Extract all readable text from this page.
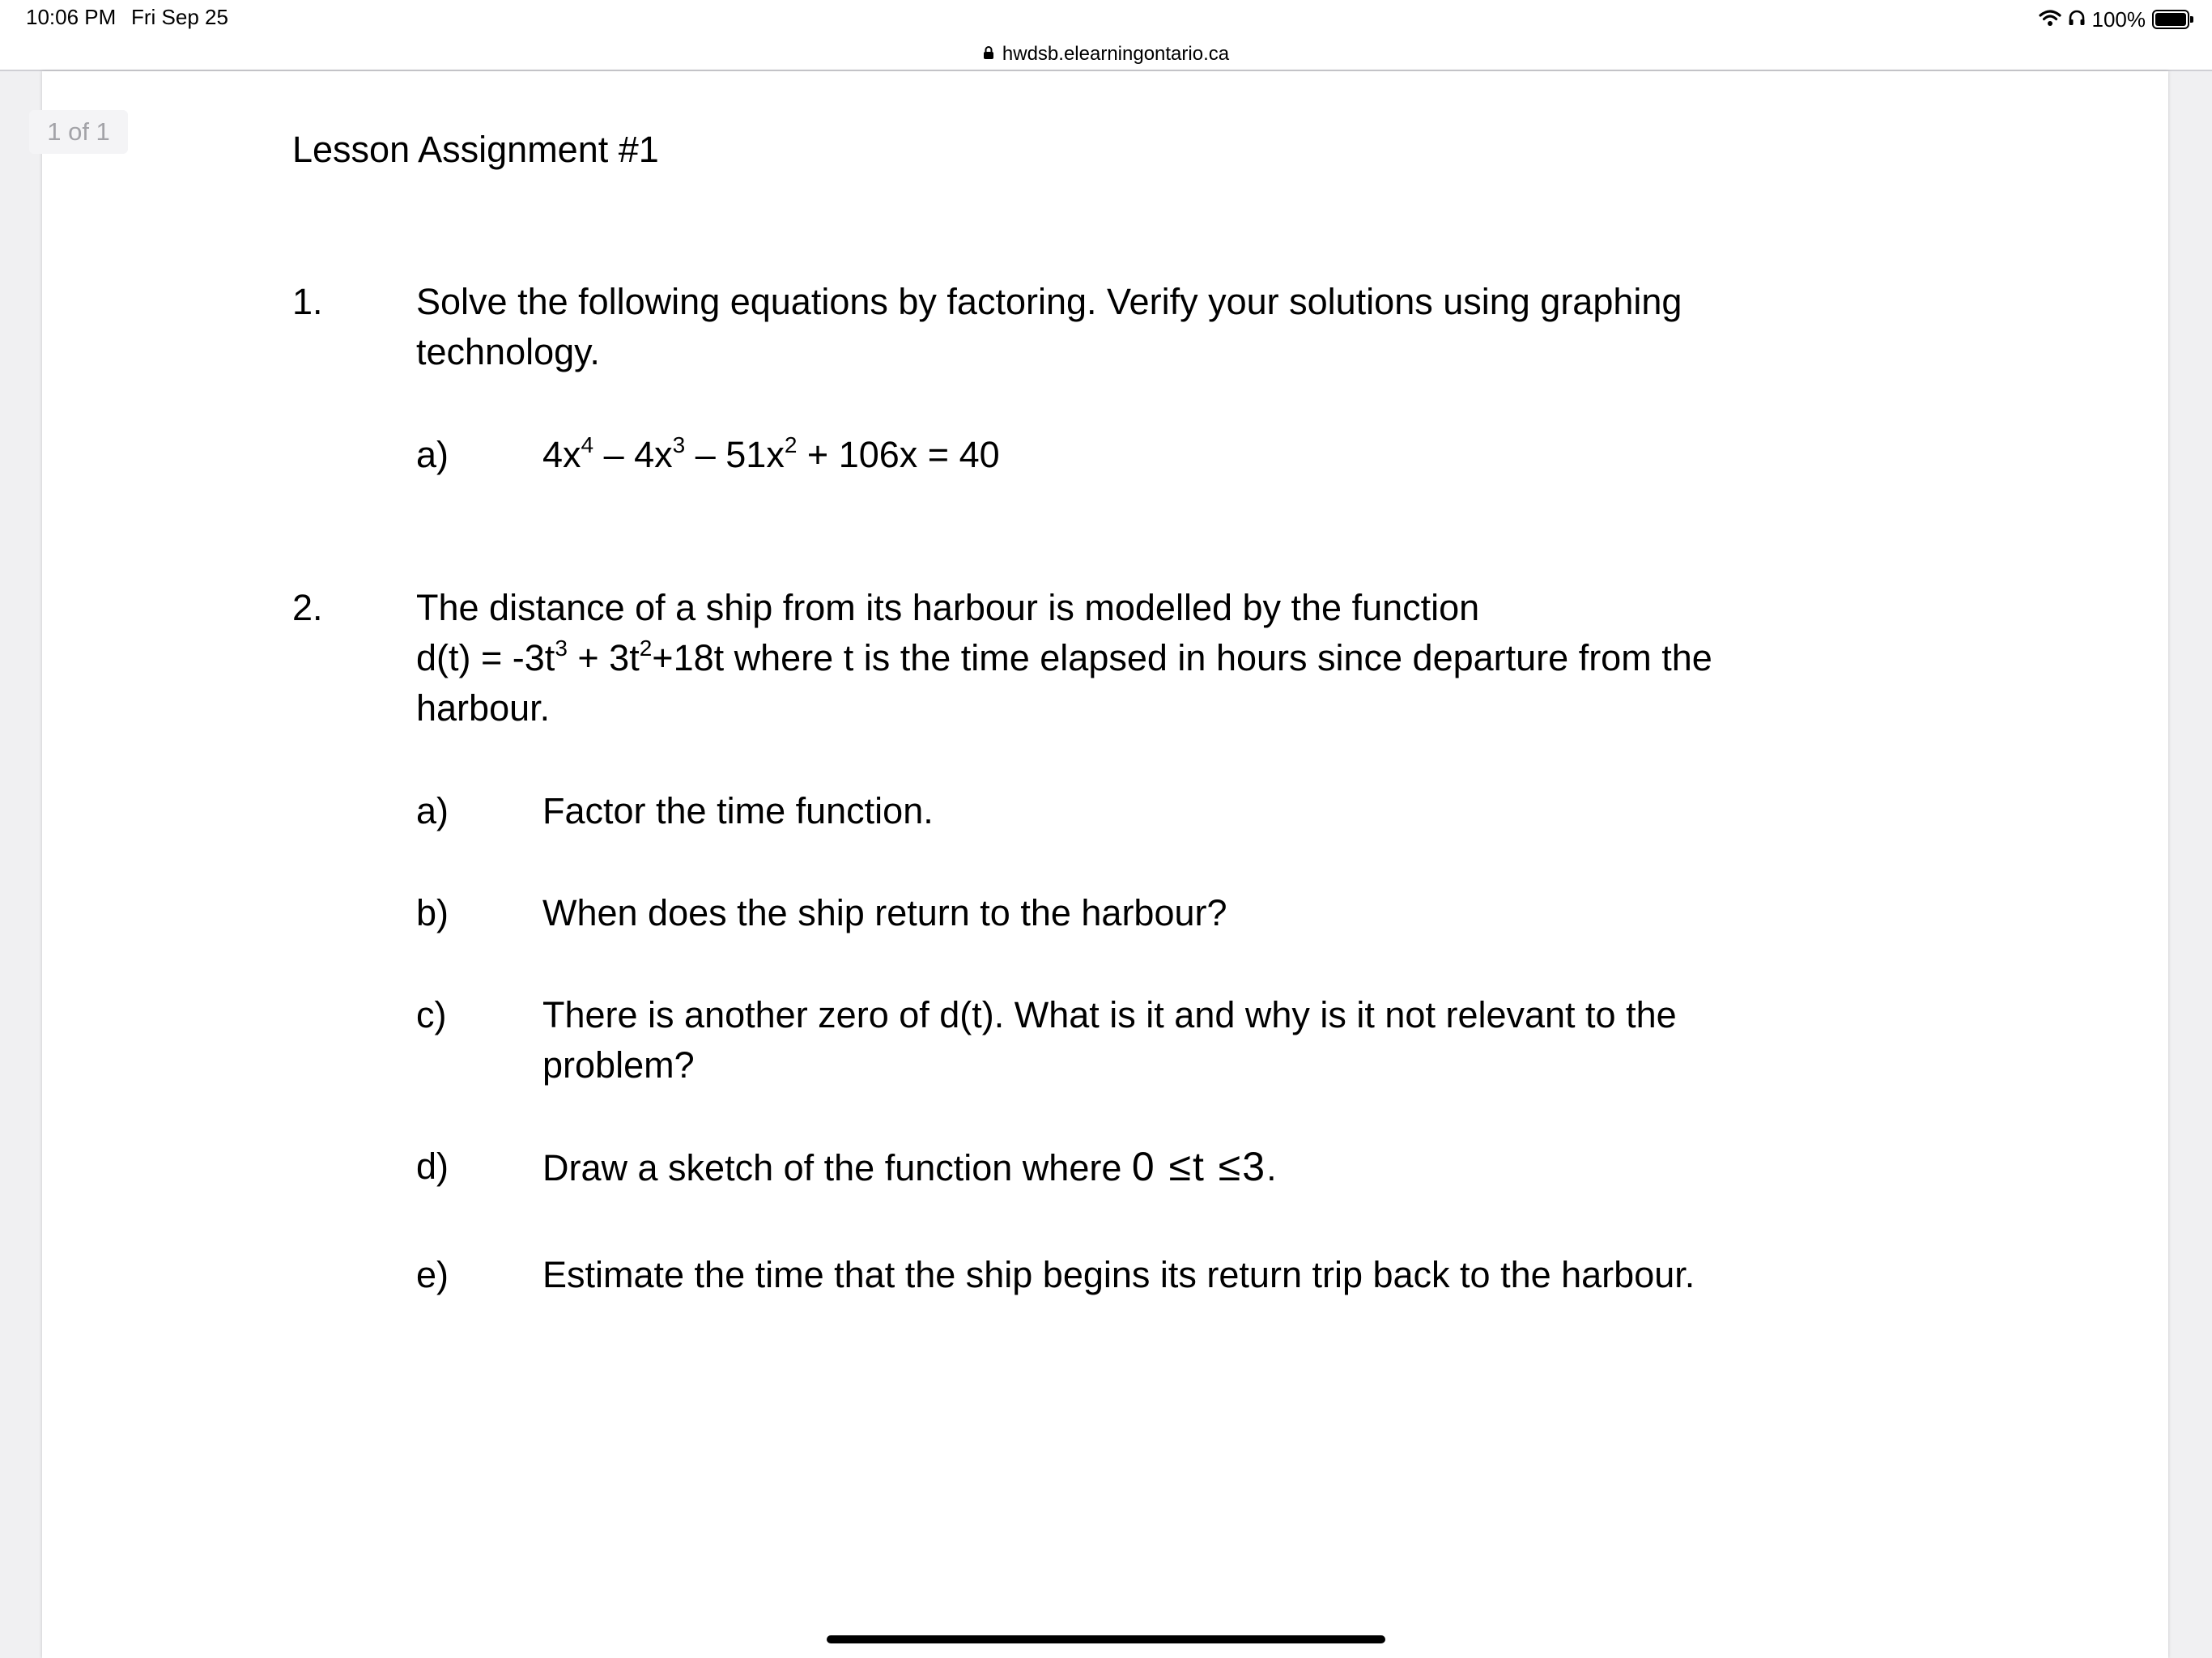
10:06 PM Fri Sep 25	100%
hwdsb.elearningontario.ca
1 of 1	Lesson Assignment #1
1.	Solve the following equations by factoring. Verify your solutions using graphing technology.
a)	$4x^4 - 4x^3 - 51x^2 + 106x = 40$
2.	The distance of a ship from its harbour is modelled by the function
$d(t) = -3t^3 + 3t^2+18t$ where t is the time elapsed in hours since departure from the harbour.
a)	Factor the time function.
b)	When does the ship return to the harbour?
c)	There is another zero of d(t). What is it and why is it not relevant to the problem?
d)	Draw a sketch of the function where 0 ≤t ≤3.
e)	Estimate the time that the ship begins its return trip back to the harbour.
